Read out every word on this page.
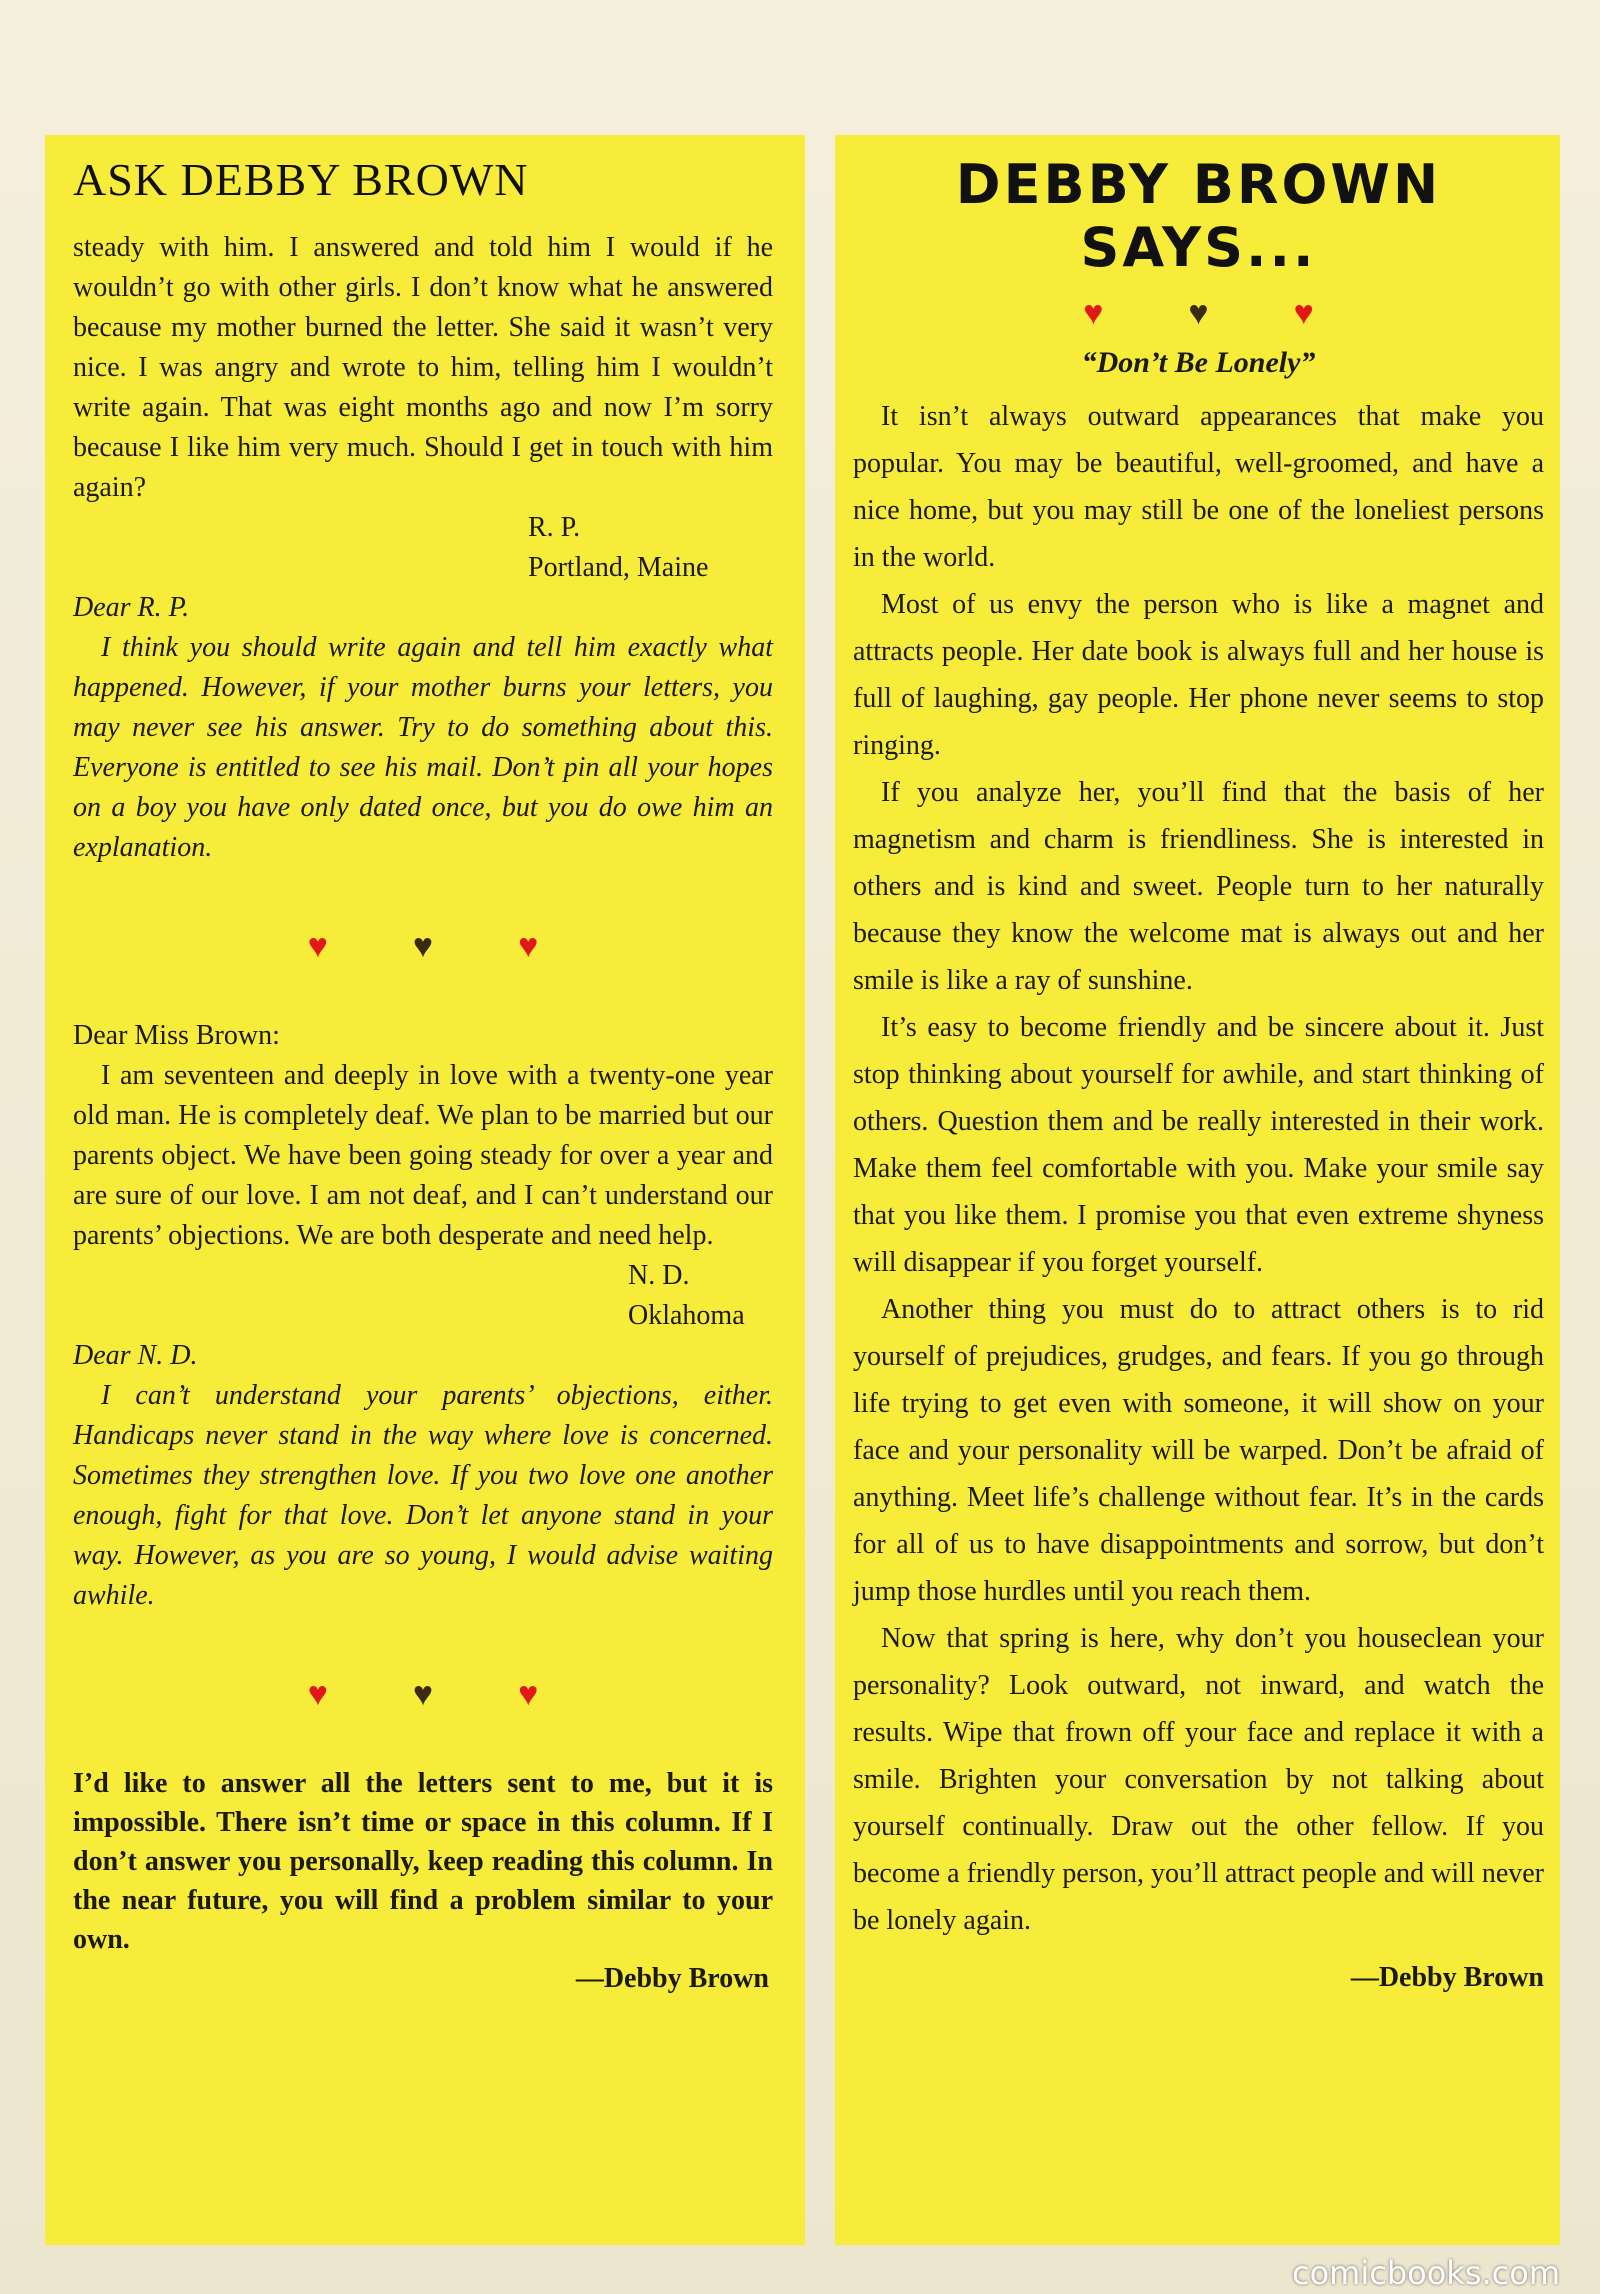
ASK DEBBY BROWN

steady with him. I answered and told him I would if he wouldn’t go with other girls. I don’t know what he answered because my mother burned the letter. She said it wasn’t very nice. I was angry and wrote to him, telling him I wouldn’t write again. That was eight months ago and now I’m sorry because I like him very much. Should I get in touch with him again?

R. P.

Portland, Maine

Dear R. P.

I think you should write again and tell him exactly what happened. However, if your mother burns your letters, you may never see his answer. Try to do something about this. Everyone is entitled to see his mail. Don’t pin all your hopes on a boy you have only dated once, but you do owe him an explanation.

♥	♥	♥

Dear Miss Brown:

I am seventeen and deeply in love with a twenty-one year old man. He is completely deaf. We plan to be married but our parents object. We have been going steady for over a year and are sure of our love. I am not deaf, and I can’t understand our parents’ objections. We are both desperate and need help.

N. D.

Oklahoma

Dear N. D.

I can’t understand your parents’ objections, either. Handicaps never stand in the way where love is concerned. Sometimes they strengthen love. If you two love one another enough, fight for that love. Don’t let anyone stand in your way. However, as you are so young, I would advise waiting awhile.

♥	♥	♥

I’d like to answer all the letters sent to me, but it is impossible. There isn’t time or space in this column. If I don’t answer you personally, keep reading this column. In the near future, you will find a problem similar to your own.

—Debby Brown

DEBBY BROWN SAYS...
♥	♥	♥

“Don’t Be Lonely”

It isn’t always outward appearances that make you popular. You may be beautiful, well-groomed, and have a nice home, but you may still be one of the loneliest persons in the world.

Most of us envy the person who is like a magnet and attracts people. Her date book is always full and her house is full of laughing, gay people. Her phone never seems to stop ringing.

If you analyze her, you’ll find that the basis of her magnetism and charm is friendliness. She is interested in others and is kind and sweet. People turn to her naturally because they know the welcome mat is always out and her smile is like a ray of sunshine.

It’s easy to become friendly and be sincere about it. Just stop thinking about yourself for awhile, and start thinking of others. Question them and be really interested in their work. Make them feel comfortable with you. Make your smile say that you like them. I promise you that even extreme shyness will disappear if you forget yourself.

Another thing you must do to attract others is to rid yourself of prejudices, grudges, and fears. If you go through life trying to get even with someone, it will show on your face and your personality will be warped. Don’t be afraid of anything. Meet life’s challenge without fear. It’s in the cards for all of us to have disappointments and sorrow, but don’t jump those hurdles until you reach them.

Now that spring is here, why don’t you houseclean your personality? Look outward, not inward, and watch the results. Wipe that frown off your face and replace it with a smile. Brighten your conversation by not talking about yourself continually. Draw out the other fellow. If you become a friendly person, you’ll attract people and will never be lonely again.

—Debby Brown

comicbooks.com
